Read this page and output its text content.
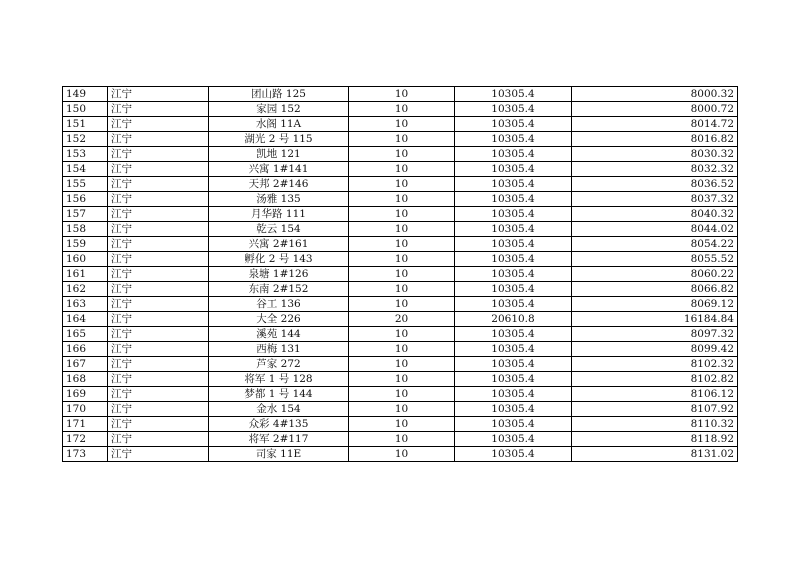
149	江宁	团山路 125	10	10305.4	8000.32
150	江宁	家园 152	10	10305.4	8000.72
151	江宁	水阁 11A	10	10305.4	8014.72
152	江宁	湖光 2 号 115	10	10305.4	8016.82
153	江宁	凯地 121	10	10305.4	8030.32
154	江宁	兴寓 1#141	10	10305.4	8032.32
155	江宁	天邦 2#146	10	10305.4	8036.52
156	江宁	汤雅 135	10	10305.4	8037.32
157	江宁	月华路 111	10	10305.4	8040.32
158	江宁	乾云 154	10	10305.4	8044.02
159	江宁	兴寓 2#161	10	10305.4	8054.22
160	江宁	孵化 2 号 143	10	10305.4	8055.52
161	江宁	泉塘 1#126	10	10305.4	8060.22
162	江宁	东南 2#152	10	10305.4	8066.82
163	江宁	谷工 136	10	10305.4	8069.12
164	江宁	大全 226	20	20610.8	16184.84
165	江宁	溪苑 144	10	10305.4	8097.32
166	江宁	西梅 131	10	10305.4	8099.42
167	江宁	芦家 272	10	10305.4	8102.32
168	江宁	将军 1 号 128	10	10305.4	8102.82
169	江宁	梦都 1 号 144	10	10305.4	8106.12
170	江宁	金水 154	10	10305.4	8107.92
171	江宁	众彩 4#135	10	10305.4	8110.32
172	江宁	将军 2#117	10	10305.4	8118.92
173	江宁	司家 11E	10	10305.4	8131.02
